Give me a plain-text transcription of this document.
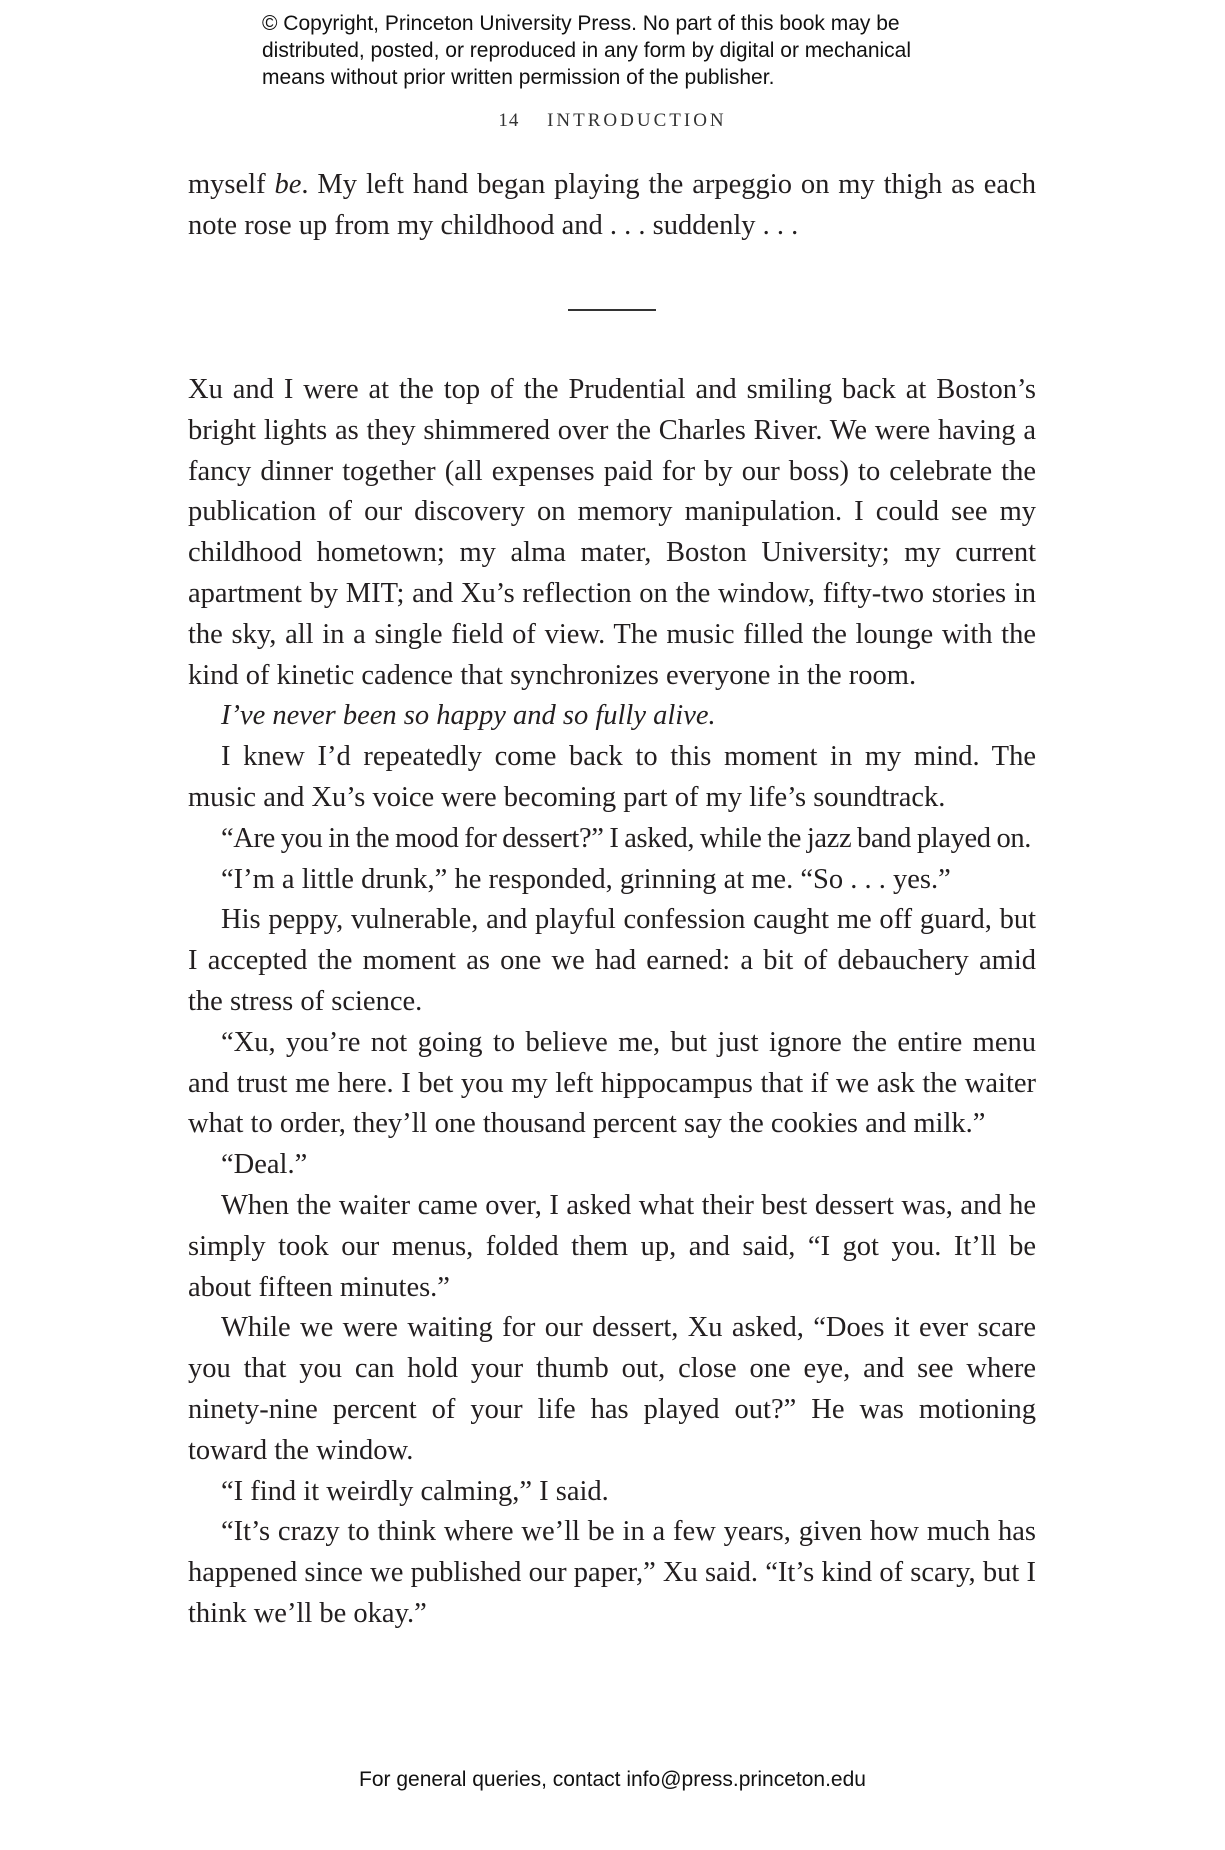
© Copyright, Princeton University Press. No part of this book may be
distributed, posted, or reproduced in any form by digital or mechanical
means without prior written permission of the publisher.
14 INTRODUCTION

myself be. My left hand began playing the arpeggio on my thigh as each note rose up from my childhood and . . . suddenly . . .

Xu and I were at the top of the Prudential and smiling back at Boston’s bright lights as they shimmered over the Charles River. We were having a fancy dinner together (all expenses paid for by our boss) to celebrate the publication of our discovery on memory manipulation. I could see my childhood hometown; my alma mater, Boston University; my current apartment by MIT; and Xu’s reflection on the window, fifty-two stories in the sky, all in a single field of view. The music filled the lounge with the kind of kinetic cadence that synchronizes everyone in the room.

I’ve never been so happy and so fully alive.

I knew I’d repeatedly come back to this moment in my mind. The music and Xu’s voice were becoming part of my life’s soundtrack.

“Are you in the mood for dessert?” I asked, while the jazz band played on.

“I’m a little drunk,” he responded, grinning at me. “So . . . yes.”

His peppy, vulnerable, and playful confession caught me off guard, but I accepted the moment as one we had earned: a bit of debauchery amid the stress of science.

“Xu, you’re not going to believe me, but just ignore the entire menu and trust me here. I bet you my left hippocampus that if we ask the waiter what to order, they’ll one thousand percent say the cookies and milk.”

“Deal.”

When the waiter came over, I asked what their best dessert was, and he simply took our menus, folded them up, and said, “I got you. It’ll be about fifteen minutes.”

While we were waiting for our dessert, Xu asked, “Does it ever scare you that you can hold your thumb out, close one eye, and see where ninety-nine percent of your life has played out?” He was motioning toward the window.

“I find it weirdly calming,” I said.

“It’s crazy to think where we’ll be in a few years, given how much has happened since we published our paper,” Xu said. “It’s kind of scary, but I think we’ll be okay.”

For general queries, contact info@press.princeton.edu
